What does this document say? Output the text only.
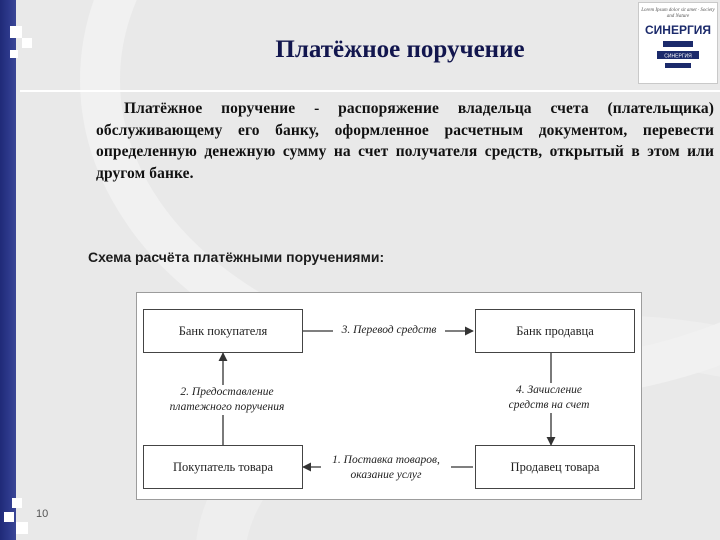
Платёжное поручение
Lorem Ipsum dolor sit amet · Society and Nature
СИНЕРГИЯ
СИНЕРГИЯ
Платёжное поручение - распоряжение владельца счета (плательщика) обслуживающему его банку, оформленное расчетным документом, перевести определенную денежную сумму на счет получателя средств, открытый в этом или другом банке.
Схема расчёта платёжными поручениями:
Банк покупателя	Банк продавца
Покупатель товара	Продавец товара
3. Перевод средств
2. Предоставление
платежного поручения
4. Зачисление
средств на счет
1. Поставка товаров,
оказание услуг
10
